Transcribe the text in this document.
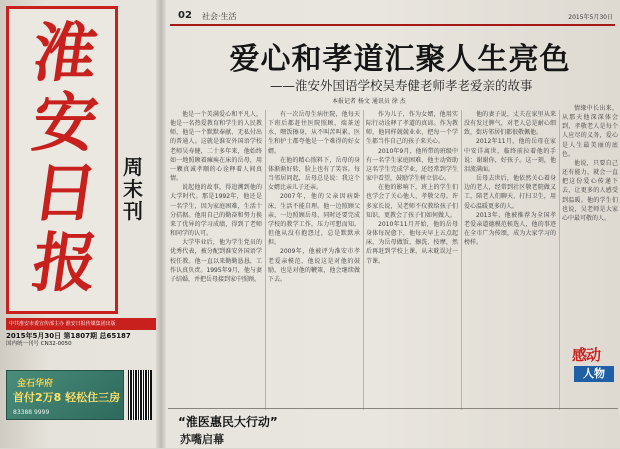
淮
安
日
报
周末刊
中共淮安市委宣传部主办 淮安日报传媒集团出版
2015年5月30日 第1807期 总65187
国内统一刊号 CN32-0050
金石华府
首付2万8 轻松住三房
83388 9999
02 社会·生活	2015年5月30日
爱心和孝道汇聚人生亮色
——淮安外国语学校吴寿健老师孝老爱亲的故事
本报记者 杨文 通讯员 徐 杰

他是一个美满爱心和平凡人，他是一名热爱教育和学生的人民教师，他是一个默默奉献、无私付出的普通人。这就是淮安外国语学校老师吴寿健，二十多年来，他始终如一地照顾着瘫痪在床的岳母，用一颗真诚孝顺的心诠释着人间真情。

说起他的故事，得追溯到他的大学时代。那是1992年，他还是一名学生，因为家庭困难，生活十分拮据。他用自己的勤奋和努力换来了优异的学习成绩，得到了老师和同学的认可。

大学毕业后，他为学生党员的优秀代表，被分配到淮安外国语学校任教。他一直以来勤勤恳恳，工作认真负责。1995年9月，他与妻子结婚，并把岳母接到家中照顾。

有一次岳母生病住院，他每天下班后都赶往医院照顾，端茶送水、喂饭擦身，从不叫苦叫累。医生和护士都夸他是一个难得的好女婿。

在他的精心照料下，岳母的身体渐渐好转，脸上也有了笑容。每当邻居问起，岳母总是说：我这个女婿比亲儿子还亲。

2007年，他的父亲因病卧床，生活不能自理。他一边照顾父亲，一边照顾岳母，同时还要完成学校的教学工作，压力可想而知。但他从没有抱怨过，总是默默承担。

2009年，他被评为淮安市孝老爱亲模范，他说这是对他的鼓励，也是对他的鞭策，他会继续做下去。

作为儿子，作为女婿，他用实际行动诠释了孝道的真谛。作为教师，他同样兢兢业业，把每一个学生都当作自己的孩子来关心。

2010年9月，他所带的班级中有一名学生家庭困难，他主动资助这名学生完成学业，还经常到学生家中看望，鼓励学生树立信心。

在他的影响下，班上的学生们也学会了关心他人、孝敬父母。许多家长说，吴老师不仅教给孩子们知识，更教会了孩子们如何做人。

2010年11月开始，他的岳母身体每况愈下，他每天早上五点起床，为岳母做饭、擦洗、按摩，然后再赶到学校上课，从未耽误过一节课。

他的妻子说，丈夫在家里从来没有发过脾气，对老人总是耐心细致，街坊邻居们都很敬佩他。

2012年11月，他的岳母在家中安详离世，临终前拉着他的手说：谢谢你，好孩子。这一刻，他泪流满面。

岳母去世后，他依然关心着身边的老人，经常到社区敬老院做义工，陪老人们聊天、打扫卫生，用爱心温暖更多的人。

2013年，他被推荐为全国孝老爱亲道德模范候选人，他的事迹在全市广为传颂，成为大家学习的榜样。

情缘中长出来，从那天他深深体会到，孝敬老人是每个人应尽的义务，爱心是人生最美丽的底色。

他说，只要自己还有能力，就会一直把这份爱心传递下去，让更多的人感受到温暖。他的学生们也说，吴老师是大家心中最可敬的人。

感动
人物
“淮医惠民大行动”
苏嘴启幕
